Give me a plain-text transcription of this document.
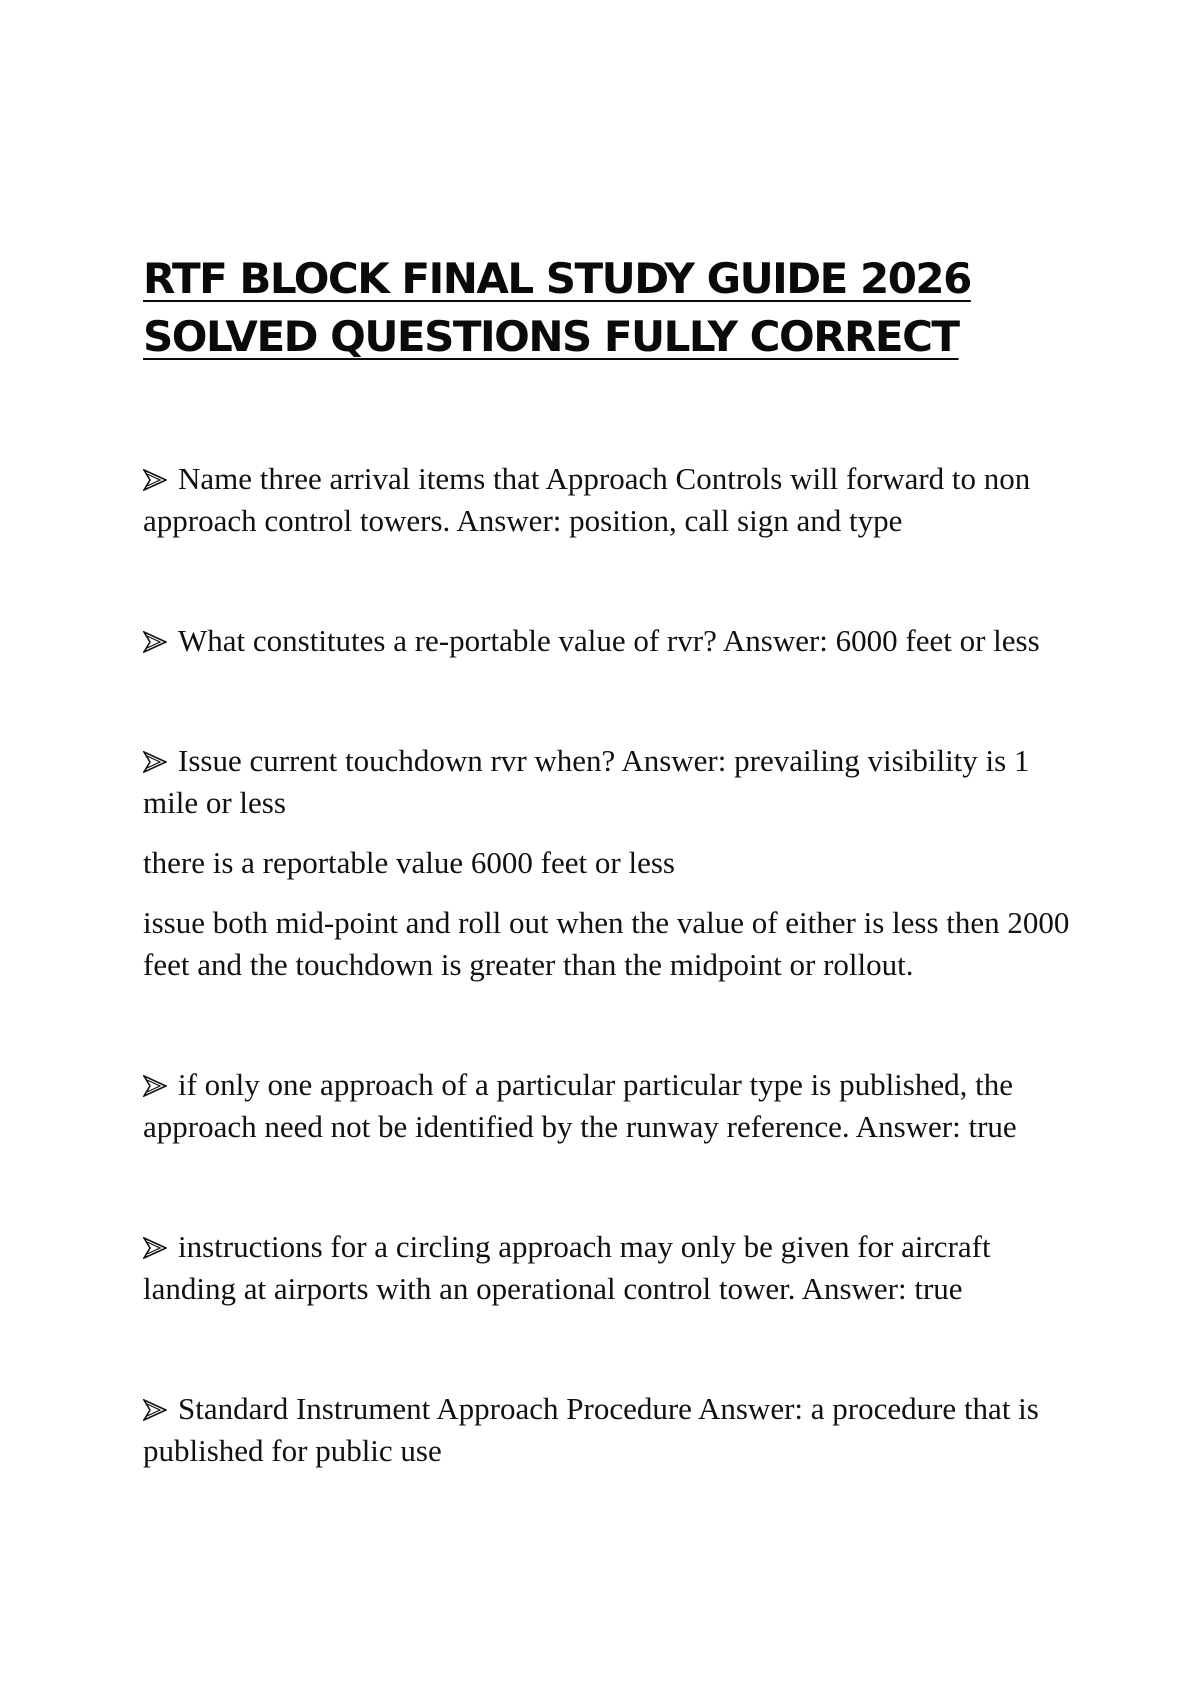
RTF BLOCK FINAL STUDY GUIDE 2026
SOLVED QUESTIONS FULLY CORRECT

Name three arrival items that Approach Controls will forward to non approach control towers. Answer: position, call sign and type

What constitutes a re-portable value of rvr? Answer: 6000 feet or less

Issue current touchdown rvr when? Answer: prevailing visibility is 1 mile or less

there is a reportable value 6000 feet or less

issue both mid-point and roll out when the value of either is less then 2000 feet and the touchdown is greater than the midpoint or rollout.

if only one approach of a particular particular type is published, the approach need not be identified by the runway reference. Answer: true

instructions for a circling approach may only be given for aircraft landing at airports with an operational control tower. Answer: true

Standard Instrument Approach Procedure Answer: a procedure that is published for public use
